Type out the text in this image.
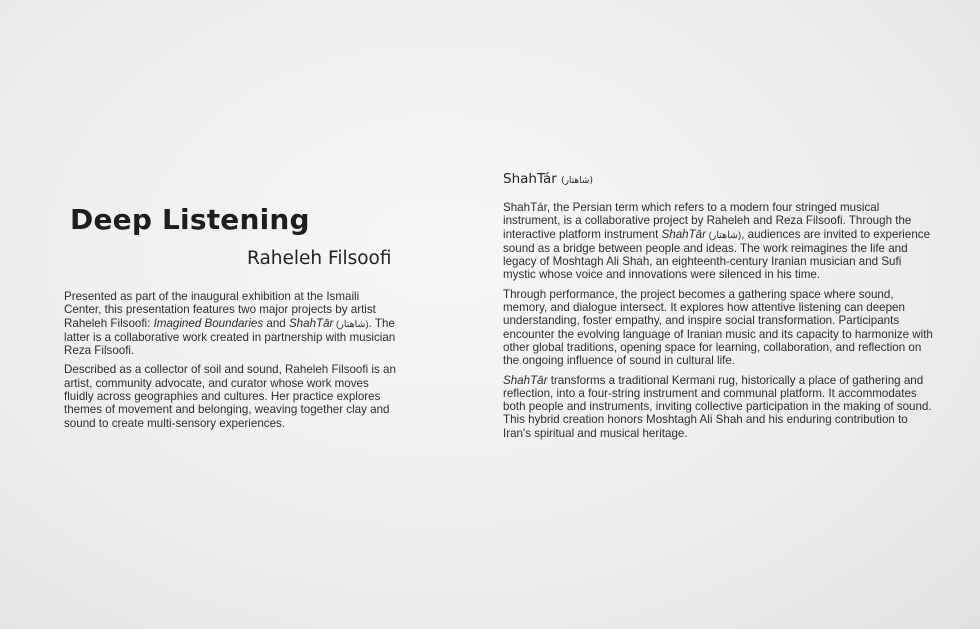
Deep Listening
Raheleh Filsoofi

Presented as part of the inaugural exhibition at the Ismaili Center, this presentation features two major projects by artist Raheleh Filsoofi: Imagined Boundaries and ShahTār (شاهتار). The latter is a collaborative work created in partnership with musician Reza Filsoofi.

Described as a collector of soil and sound, Raheleh Filsoofi is an artist, community advocate, and curator whose work moves fluidly across geographies and cultures. Her practice explores themes of movement and belonging, weaving together clay and sound to create multi-sensory experiences.

ShahTár (شاهتار)

ShahTár, the Persian term which refers to a modern four stringed musical instrument, is a collaborative project by Raheleh and Reza Filsoofi. Through the interactive platform instrument ShahTār (شاهتار), audiences are invited to experience sound as a bridge between people and ideas. The work reimagines the life and legacy of Moshtagh Ali Shah, an eighteenth-century Iranian musician and Sufi mystic whose voice and innovations were silenced in his time.

Through performance, the project becomes a gathering space where sound, memory, and dialogue intersect. It explores how attentive listening can deepen understanding, foster empathy, and inspire social transformation. Participants encounter the evolving language of Iranian music and its capacity to harmonize with other global traditions, opening space for learning, collaboration, and reflection on the ongoing influence of sound in cultural life.

ShahTār transforms a traditional Kermani rug, historically a place of gathering and reflection, into a four-string instrument and communal platform. It accommodates both people and instruments, inviting collective participation in the making of sound. This hybrid creation honors Moshtagh Ali Shah and his enduring contribution to Iran's spiritual and musical heritage.
